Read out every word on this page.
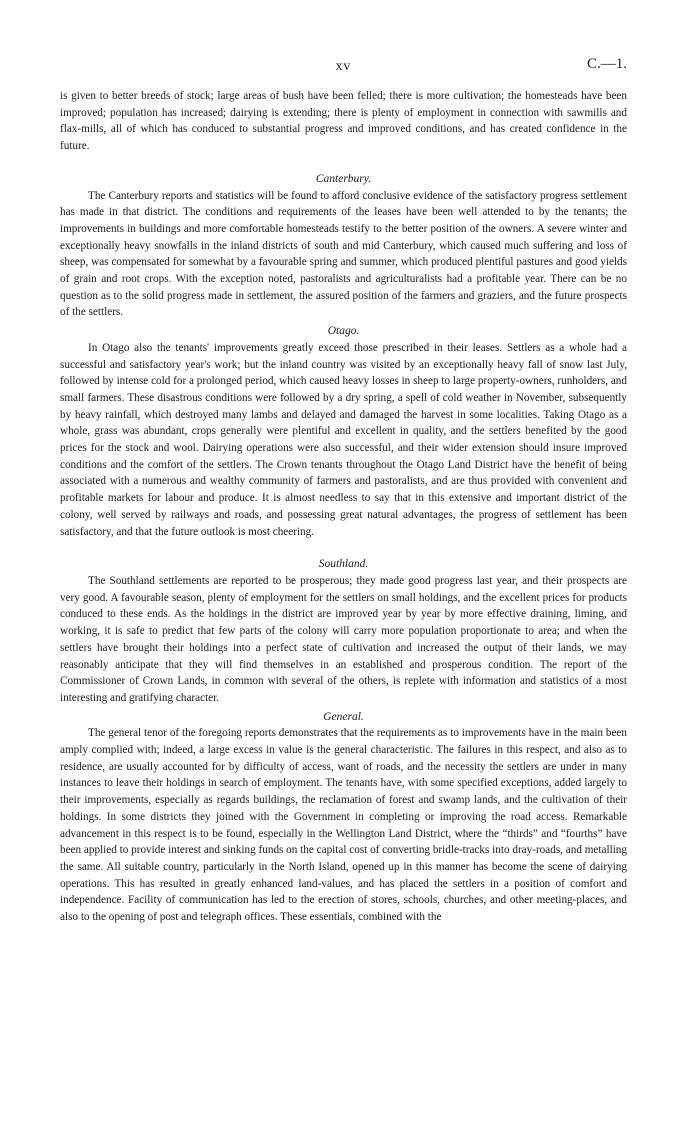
xv	C.—1.

is given to better breeds of stock; large areas of bush have been felled; there is more cultivation; the homesteads have been improved; population has increased; dairying is extending; there is plenty of employment in connection with sawmills and flax-mills, all of which has conduced to substantial progress and improved conditions, and has created confidence in the future.

Canterbury.

The Canterbury reports and statistics will be found to afford conclusive evidence of the satisfactory progress settlement has made in that district. The conditions and requirements of the leases have been well attended to by the tenants; the improvements in buildings and more comfortable homesteads testify to the better position of the owners. A severe winter and exceptionally heavy snowfalls in the inland districts of south and mid Canterbury, which caused much suffering and loss of sheep, was compensated for somewhat by a favourable spring and summer, which produced plentiful pastures and good yields of grain and root crops. With the exception noted, pastoralists and agriculturalists had a profitable year. There can be no question as to the solid progress made in settlement, the assured position of the farmers and graziers, and the future prospects of the settlers.

Otago.

In Otago also the tenants' improvements greatly exceed those prescribed in their leases. Settlers as a whole had a successful and satisfactory year's work; but the inland country was visited by an exceptionally heavy fall of snow last July, followed by intense cold for a prolonged period, which caused heavy losses in sheep to large property-owners, runholders, and small farmers. These disastrous conditions were followed by a dry spring, a spell of cold weather in November, subsequently by heavy rainfall, which destroyed many lambs and delayed and damaged the harvest in some localities. Taking Otago as a whole, grass was abundant, crops generally were plentiful and excellent in quality, and the settlers benefited by the good prices for the stock and wool. Dairying operations were also successful, and their wider extension should insure improved conditions and the comfort of the settlers. The Crown tenants throughout the Otago Land District have the benefit of being associated with a numerous and wealthy community of farmers and pastoralists, and are thus provided with convenient and profitable markets for labour and produce. It is almost needless to say that in this extensive and important district of the colony, well served by railways and roads, and possessing great natural advantages, the progress of settlement has been satisfactory, and that the future outlook is most cheering.

Southland.

The Southland settlements are reported to be prosperous; they made good progress last year, and their prospects are very good. A favourable season, plenty of employment for the settlers on small holdings, and the excellent prices for products conduced to these ends. As the holdings in the district are improved year by year by more effective draining, liming, and working, it is safe to predict that few parts of the colony will carry more population proportionate to area; and when the settlers have brought their holdings into a perfect state of cultivation and increased the output of their lands, we may reasonably anticipate that they will find themselves in an established and prosperous condition. The report of the Commissioner of Crown Lands, in common with several of the others, is replete with information and statistics of a most interesting and gratifying character.

General.

The general tenor of the foregoing reports demonstrates that the requirements as to improvements have in the main been amply complied with; indeed, a large excess in value is the general characteristic. The failures in this respect, and also as to residence, are usually accounted for by difficulty of access, want of roads, and the necessity the settlers are under in many instances to leave their holdings in search of employment. The tenants have, with some specified exceptions, added largely to their improvements, especially as regards buildings, the reclamation of forest and swamp lands, and the cultivation of their holdings. In some districts they joined with the Government in completing or improving the road access. Remarkable advancement in this respect is to be found, especially in the Wellington Land District, where the “thirds” and “fourths” have been applied to provide interest and sinking funds on the capital cost of converting bridle-tracks into dray-roads, and metalling the same. All suitable country, particularly in the North Island, opened up in this manner has become the scene of dairying operations. This has resulted in greatly enhanced land-values, and has placed the settlers in a position of comfort and independence. Facility of communication has led to the erection of stores, schools, churches, and other meeting-places, and also to the opening of post and telegraph offices. These essentials, combined with the
